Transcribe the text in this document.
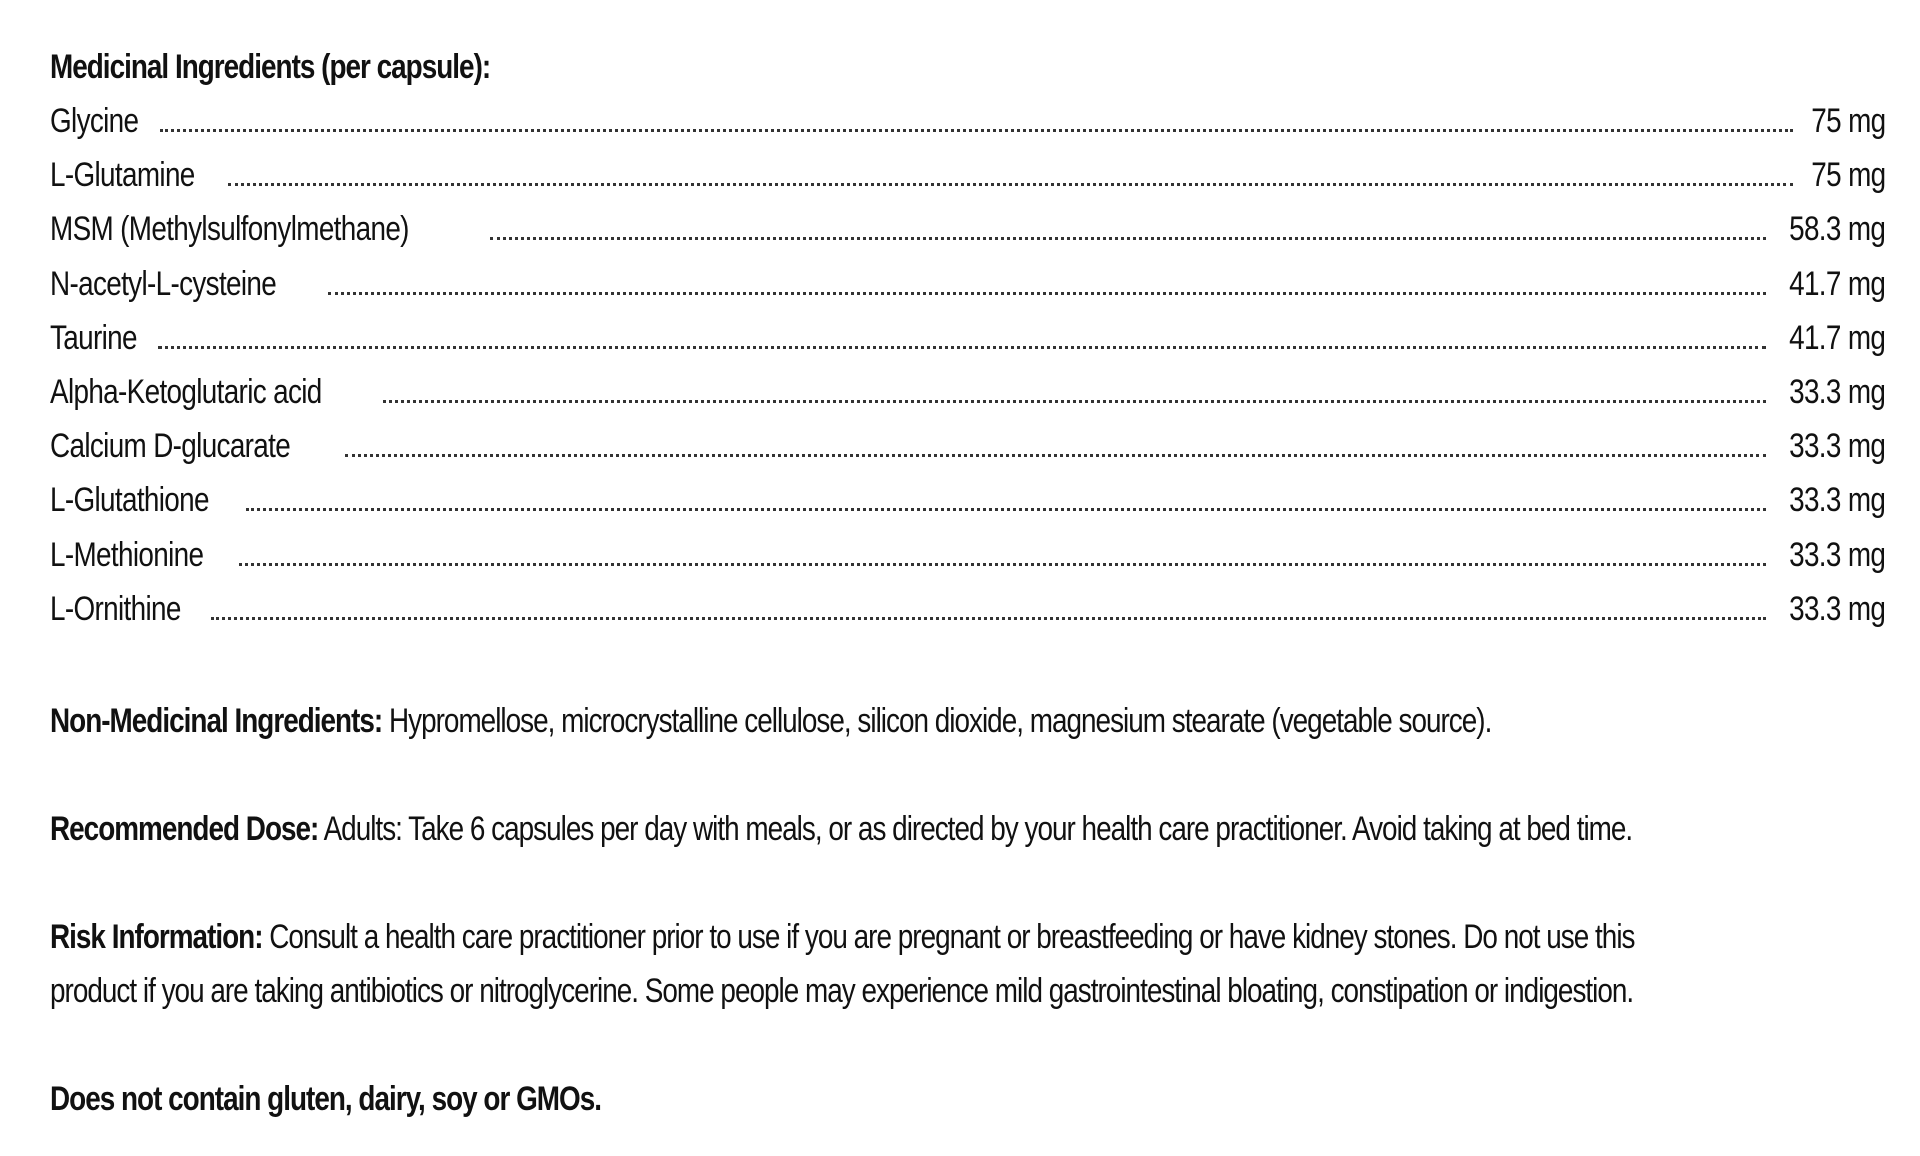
Medicinal Ingredients (per capsule):
Glycine	75 mg
L-Glutamine	75 mg
MSM (Methylsulfonylmethane)	58.3 mg
N-acetyl-L-cysteine	41.7 mg
Taurine	41.7 mg
Alpha-Ketoglutaric acid	33.3 mg
Calcium D-glucarate	33.3 mg
L-Glutathione	33.3 mg
L-Methionine	33.3 mg
L-Ornithine	33.3 mg
Non-Medicinal Ingredients: Hypromellose, microcrystalline cellulose, silicon dioxide, magnesium stearate (vegetable source).
Recommended Dose: Adults: Take 6 capsules per day with meals, or as directed by your health care practitioner. Avoid taking at bed time.
Risk Information: Consult a health care practitioner prior to use if you are pregnant or breastfeeding or have kidney stones. Do not use this
product if you are taking antibiotics or nitroglycerine. Some people may experience mild gastrointestinal bloating, constipation or indigestion.
Does not contain gluten, dairy, soy or GMOs.
